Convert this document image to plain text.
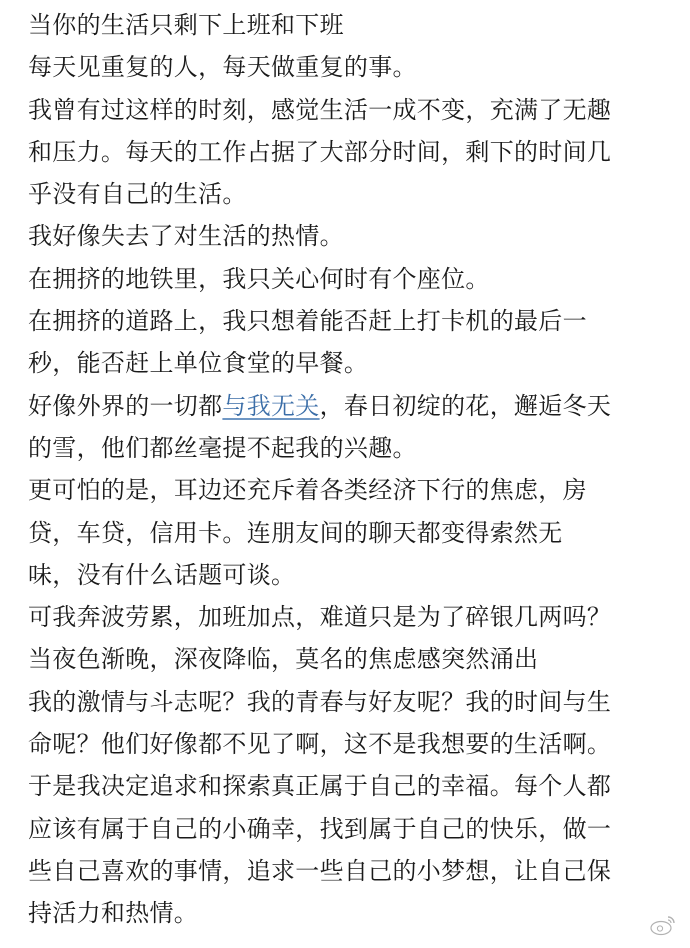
当你的生活只剩下上班和下班
每天见重复的人，每天做重复的事。
我曾有过这样的时刻，感觉生活一成不变，充满了无趣
和压力。每天的工作占据了大部分时间，剩下的时间几
乎没有自己的生活。
我好像失去了对生活的热情。
在拥挤的地铁里，我只关心何时有个座位。
在拥挤的道路上，我只想着能否赶上打卡机的最后一
秒，能否赶上单位食堂的早餐。
好像外界的一切都与我无关，春日初绽的花，邂逅冬天
的雪，他们都丝毫提不起我的兴趣。
更可怕的是，耳边还充斥着各类经济下行的焦虑，房
贷，车贷，信用卡。连朋友间的聊天都变得索然无
味，没有什么话题可谈。
可我奔波劳累，加班加点，难道只是为了碎银几两吗？
当夜色渐晚，深夜降临，莫名的焦虑感突然涌出
我的激情与斗志呢？我的青春与好友呢？我的时间与生
命呢？他们好像都不见了啊，这不是我想要的生活啊。
于是我决定追求和探索真正属于自己的幸福。每个人都
应该有属于自己的小确幸，找到属于自己的快乐，做一
些自己喜欢的事情，追求一些自己的小梦想，让自己保
持活力和热情。
